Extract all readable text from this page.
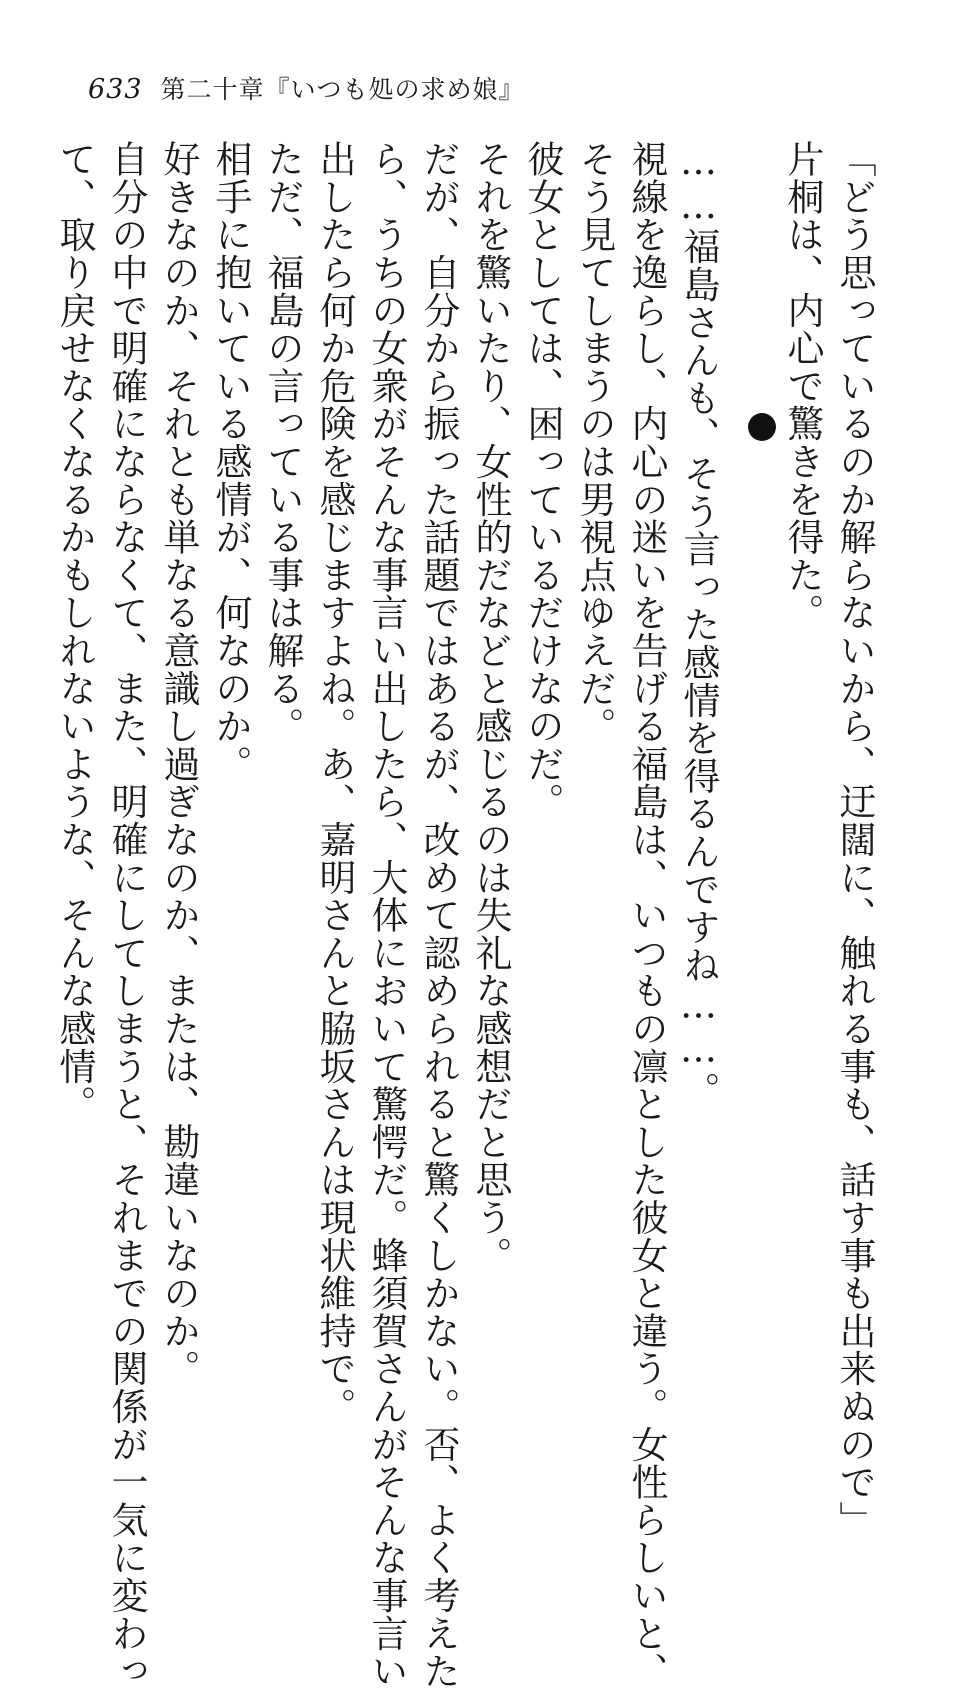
633 第二十章『いつも処の求め娘』

「どう思っているのか解らないから、迂闊に、触れる事も、話す事も出来ぬので」

片桐は、内心で驚きを得た。

……福島さんも、そう言った感情を得るんですね……。

視線を逸らし、内心の迷いを告げる福島は、いつもの凛とした彼女と違う。女性らしいと、

そう見てしまうのは男視点ゆえだ。

彼女としては、困っているだけなのだ。

それを驚いたり、女性的だなどと感じるのは失礼な感想だと思う。

だが、自分から振った話題ではあるが、改めて認められると驚くしかない。否、よく考えた

ら、うちの女衆がそんな事言い出したら、大体において驚愕だ。蜂須賀さんがそんな事言い

出したら何か危険を感じますよね。あ、嘉明さんと脇坂さんは現状維持で。

ただ、福島の言っている事は解る。

相手に抱いている感情が、何なのか。

好きなのか、それとも単なる意識し過ぎなのか、または、勘違いなのか。

自分の中で明確にならなくて、また、明確にしてしまうと、それまでの関係が一気に変わっ

て、取り戻せなくなるかもしれないような、そんな感情。
